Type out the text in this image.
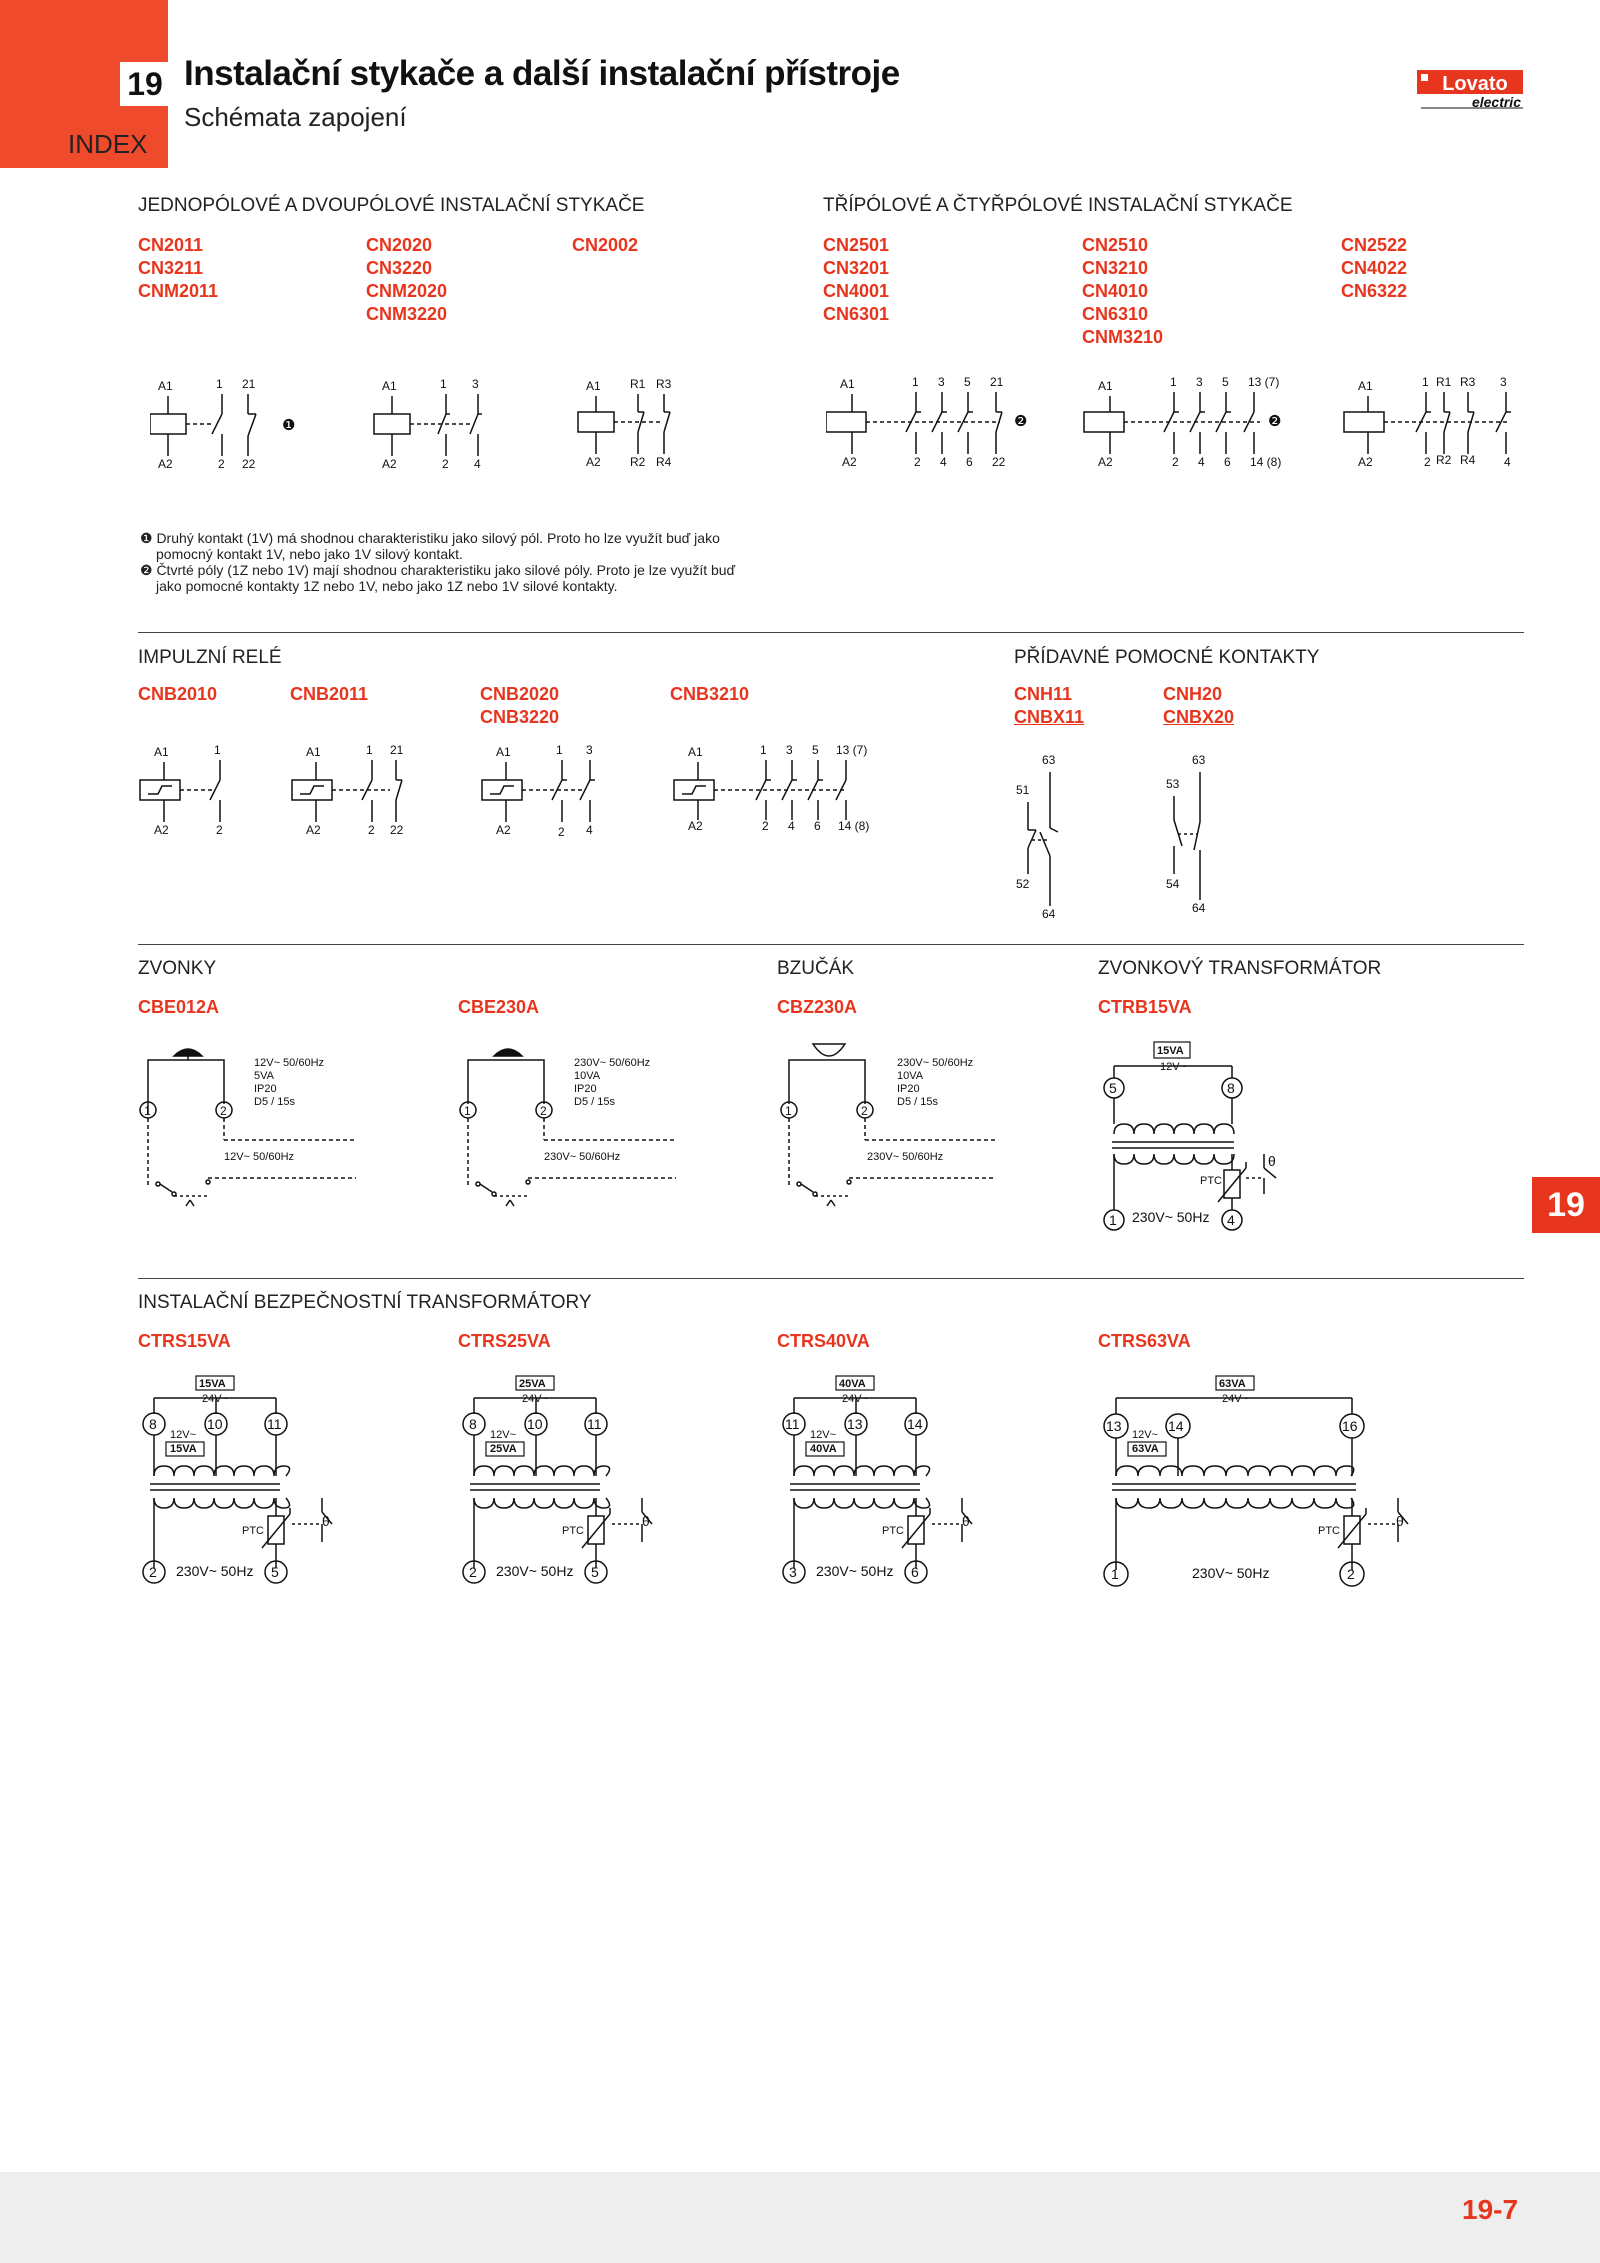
19
INDEX
Instalační stykače a další instalační přístroje
Schémata zapojení
Lovato
electric
JEDNOPÓLOVÉ A DVOUPÓLOVÉ INSTALAČNÍ STYKAČE	TŘÍPÓLOVÉ A ČTYŘPÓLOVÉ INSTALAČNÍ STYKAČE
CN2011
CN3211
CNM2011
CN2020
CN3220
CNM2020
CNM3220
CN2002	CN2501
CN3201
CN4001
CN6301
CN2510
CN3210
CN4010
CN6310
CNM3210
CN2522
CN4022
CN6322
A1	1 21
A2	2 22
❶
A1	1 3
A2	2 4
A1 R1 R3
A2 R2 R4
A1	1 3 5 21
A2	2 4 6 22
❷
A1	1 3 5 13 (7)
A2	2 4 6 14 (8)
❷
A1	1 R1 R3 3
A2	2 R2 R4 4
❶ Druhý kontakt (1V) má shodnou charakteristiku jako silový pól. Proto ho lze využít buď jako
pomocný kontakt 1V, nebo jako 1V silový kontakt.
❷ Čtvrté póly (1Z nebo 1V) mají shodnou charakteristiku jako silové póly. Proto je lze využít buď
jako pomocné kontakty 1Z nebo 1V, nebo jako 1Z nebo 1V silové kontakty.
IMPULZNÍ RELÉ	PŘÍDAVNÉ POMOCNÉ KONTAKTY
CNB2010	CNB2011	CNB2020
CNB3220
CNB3210	CNH11
CNBX11
CNH20
CNBX20
A1	1
A2	2
A1	1 21
A2	2 22
A1	1 3
A2	2 4
A1	1 3 5 13 (7)
A2	2 4 6 14 (8)
63
51
52
64
63
53
54
64
ZVONKY	BZUČÁK	ZVONKOVÝ TRANSFORMÁTOR
CBE012A	CBE230A	CBZ230A	CTRB15VA
1	2
12V~ 50/60Hz
5VA
IP20
D5 / 15s
12V~ 50/60Hz
1	2
230V~ 50/60Hz
10VA
IP20
D5 / 15s
230V~ 50/60Hz
1	2
230V~ 50/60Hz
10VA
IP20
D5 / 15s
230V~ 50/60Hz
15VA
12V~
PTC
θ
5	8
1	4
230V~ 50Hz
INSTALAČNÍ BEZPEČNOSTNÍ TRANSFORMÁTORY
CTRS15VA	CTRS25VA	CTRS40VA	CTRS63VA
15VA
24V~
12V~
15VA
PTC
θ
8	10	11
2	5
230V~ 50Hz
25VA
24V~
12V~
25VA
PTC
θ
8	10	11
2	5
230V~ 50Hz
40VA
24V~
12V~
40VA
PTC
θ
11	13	14
3	6
230V~ 50Hz
63VA
24V~
12V~
63VA
PTC
θ
13	14	16
1	2
230V~ 50Hz
19
19-7
